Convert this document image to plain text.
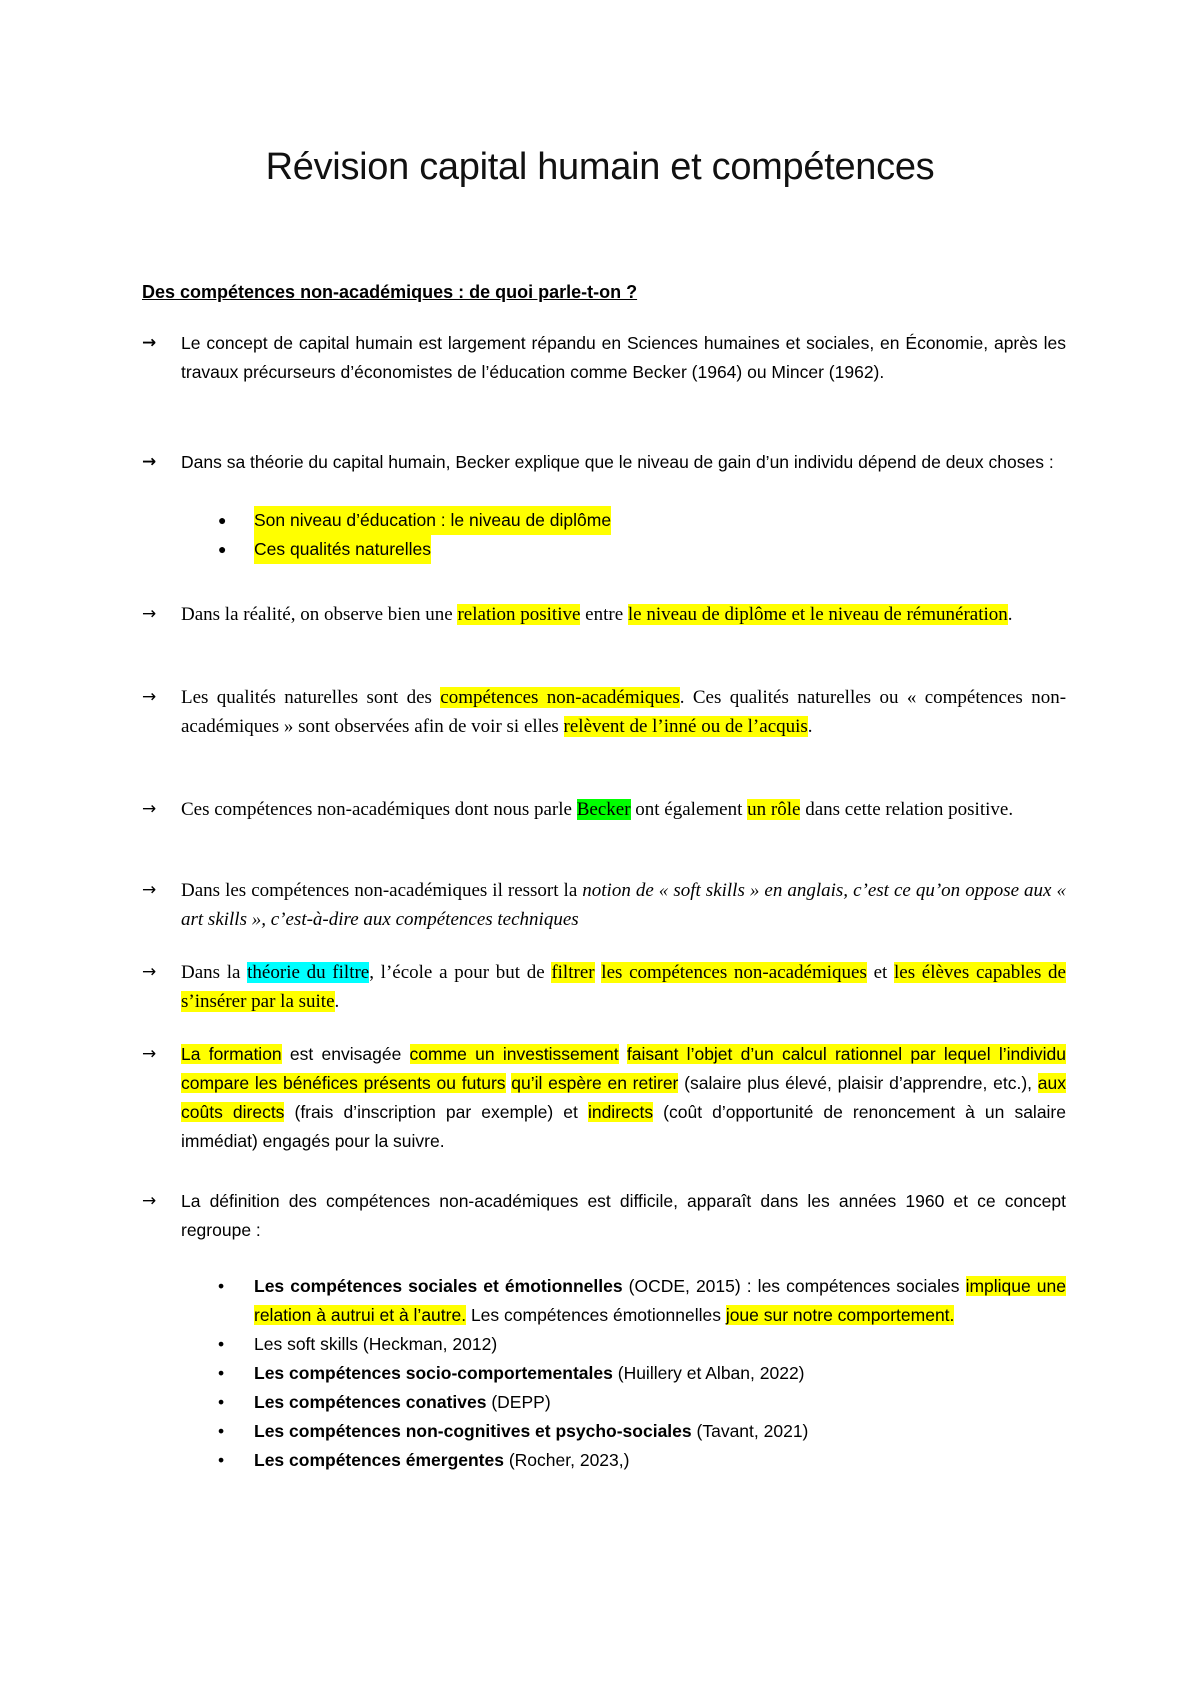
Révision capital humain et compétences
Des compétences non-académiques : de quoi parle-t-on ?
→ Le concept de capital humain est largement répandu en Sciences humaines et sociales, en Économie, après les travaux précurseurs d’économistes de l’éducation comme Becker (1964) ou Mincer (1962).
→ Dans sa théorie du capital humain, Becker explique que le niveau de gain d’un individu dépend de deux choses :
● Son niveau d’éducation : le niveau de diplôme
● Ces qualités naturelles
→ Dans la réalité, on observe bien une relation positive entre le niveau de diplôme et le niveau de rémunération.
→ Les qualités naturelles sont des compétences non-académiques. Ces qualités naturelles ou « compétences non-académiques » sont observées afin de voir si elles relèvent de l’inné ou de l’acquis.
→ Ces compétences non-académiques dont nous parle Becker ont également un rôle dans cette relation positive.
→ Dans les compétences non-académiques il ressort la notion de « soft skills » en anglais, c’est ce qu’on oppose aux « art skills », c’est-à-dire aux compétences techniques
→ Dans la théorie du filtre, l’école a pour but de filtrer les compétences non-académiques et les élèves capables de s’insérer par la suite.
→ La formation est envisagée comme un investissement faisant l’objet d’un calcul rationnel par lequel l’individu compare les bénéfices présents ou futurs qu’il espère en retirer (salaire plus élevé, plaisir d’apprendre, etc.), aux coûts directs (frais d’inscription par exemple) et indirects (coût d’opportunité de renoncement à un salaire immédiat) engagés pour la suivre.
→ La définition des compétences non-académiques est difficile, apparaît dans les années 1960 et ce concept regroupe :
• Les compétences sociales et émotionnelles (OCDE, 2015) : les compétences sociales implique une relation à autrui et à l’autre. Les compétences émotionnelles joue sur notre comportement.
• Les soft skills (Heckman, 2012)
• Les compétences socio-comportementales (Huillery et Alban, 2022)
• Les compétences conatives (DEPP)
• Les compétences non-cognitives et psycho-sociales (Tavant, 2021)
• Les compétences émergentes (Rocher, 2023,)
